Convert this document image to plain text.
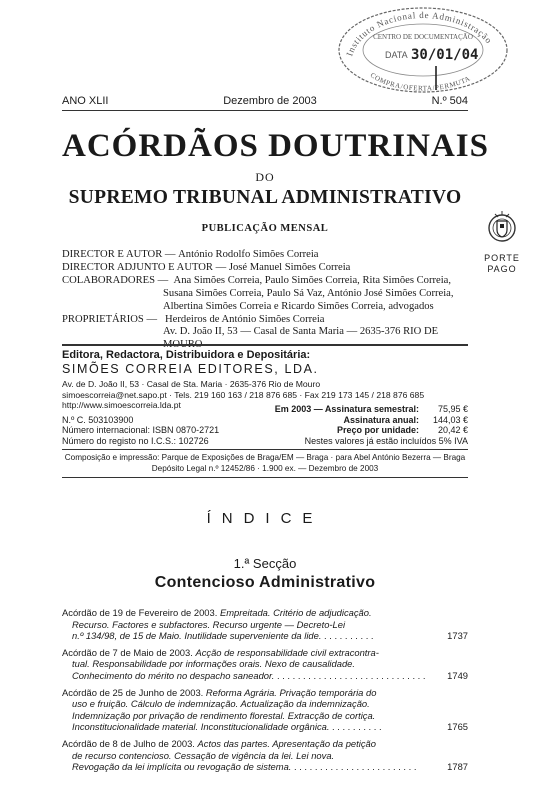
Instituto Nacional de Administração
CENTRO DE DOCUMENTAÇÃO
DATA 30/01/04
COMPRA/OFERTA/PERMUTA
ANO XLII	Dezembro de 2003	N.º 504
ACÓRDÃOS DOUTRINAIS
DO
SUPREMO TRIBUNAL ADMINISTRATIVO
PUBLICAÇÃO MENSAL
PORTE
PAGO
DIRECTOR E AUTOR —
António Rodolfo Simões Correia
DIRECTOR ADJUNTO E AUTOR —
José Manuel Simões Correia
COLABORADORES —
Ana Simões Correia, Paulo Simões Correia, Rita Simões Correia,
Susana Simões Correia, Paulo Sá Vaz, António José Simões Correia,
Albertina Simões Correia e Ricardo Simões Correia, advogados
PROPRIETÁRIOS —
Herdeiros de António Simões Correia
Av. D. João II, 53 — Casal de Santa Maria — 2635-376 RIO DE MOURO
Editora, Redactora, Distribuidora e Depositária:
SIMÕES CORREIA EDITORES, LDA.
Av. de D. João II, 53 · Casal de Sta. Maria · 2635-376 Rio de Mouro
simoescorreia@net.sapo.pt · Tels. 219 160 163 / 218 876 685 · Fax 219 173 145 / 218 876 685
http://www.simoescorreia.lda.pt	Em 2003 — Assinatura semestral:
	75,95 €
N.º C. 503103900	Assinatura anual: 144,03 €
Número internacional: ISBN 0870-2721	Preço por unidade: 20,42 €
Número do registo no I.C.S.: 102726	Nestes valores já estão incluídos 5% IVA
Composição e impressão: Parque de Exposições de Braga/EM — Braga · para Abel António Bezerra — Braga
Depósito Legal n.º 12452/86 · 1.900 ex. — Dezembro de 2003
ÍNDICE
1.ª Secção
Contencioso Administrativo
Acórdão de 19 de Fevereiro de 2003.
Empreitada. Critério de adjudicação.
Recurso. Factores e subfactores. Recurso urgente — Decreto-Lei
n.º 134/98, de 15 de Maio. Inutilidade superveniente da lide. . . . . . . . . . .	1737
Acórdão de 7 de Maio de 2003.
Acção de responsabilidade civil extracontra-
tual. Responsabilidade por informações orais. Nexo de causalidade.
Conhecimento do mérito no despacho saneador. . . . . . . . . . . . . . . . . . . . . . . . . . . . . .	1749
Acórdão de 25 de Junho de 2003.
Reforma Agrária. Privação temporária do
uso e fruição. Cálculo de indemnização. Actualização da indemnização.
Indemnização por privação de rendimento florestal. Extracção de cortiça.
Inconstitucionalidade material. Inconstitucionalidade orgânica. . . . . . . . . . .	1765
Acórdão de 8 de Julho de 2003.
Actos das partes. Apresentação da petição
de recurso contencioso. Cessação de vigência da lei. Lei nova.
Revogação da lei implícita ou revogação de sistema. . . . . . . . . . . . . . . . . . . . . . . . .	1787
